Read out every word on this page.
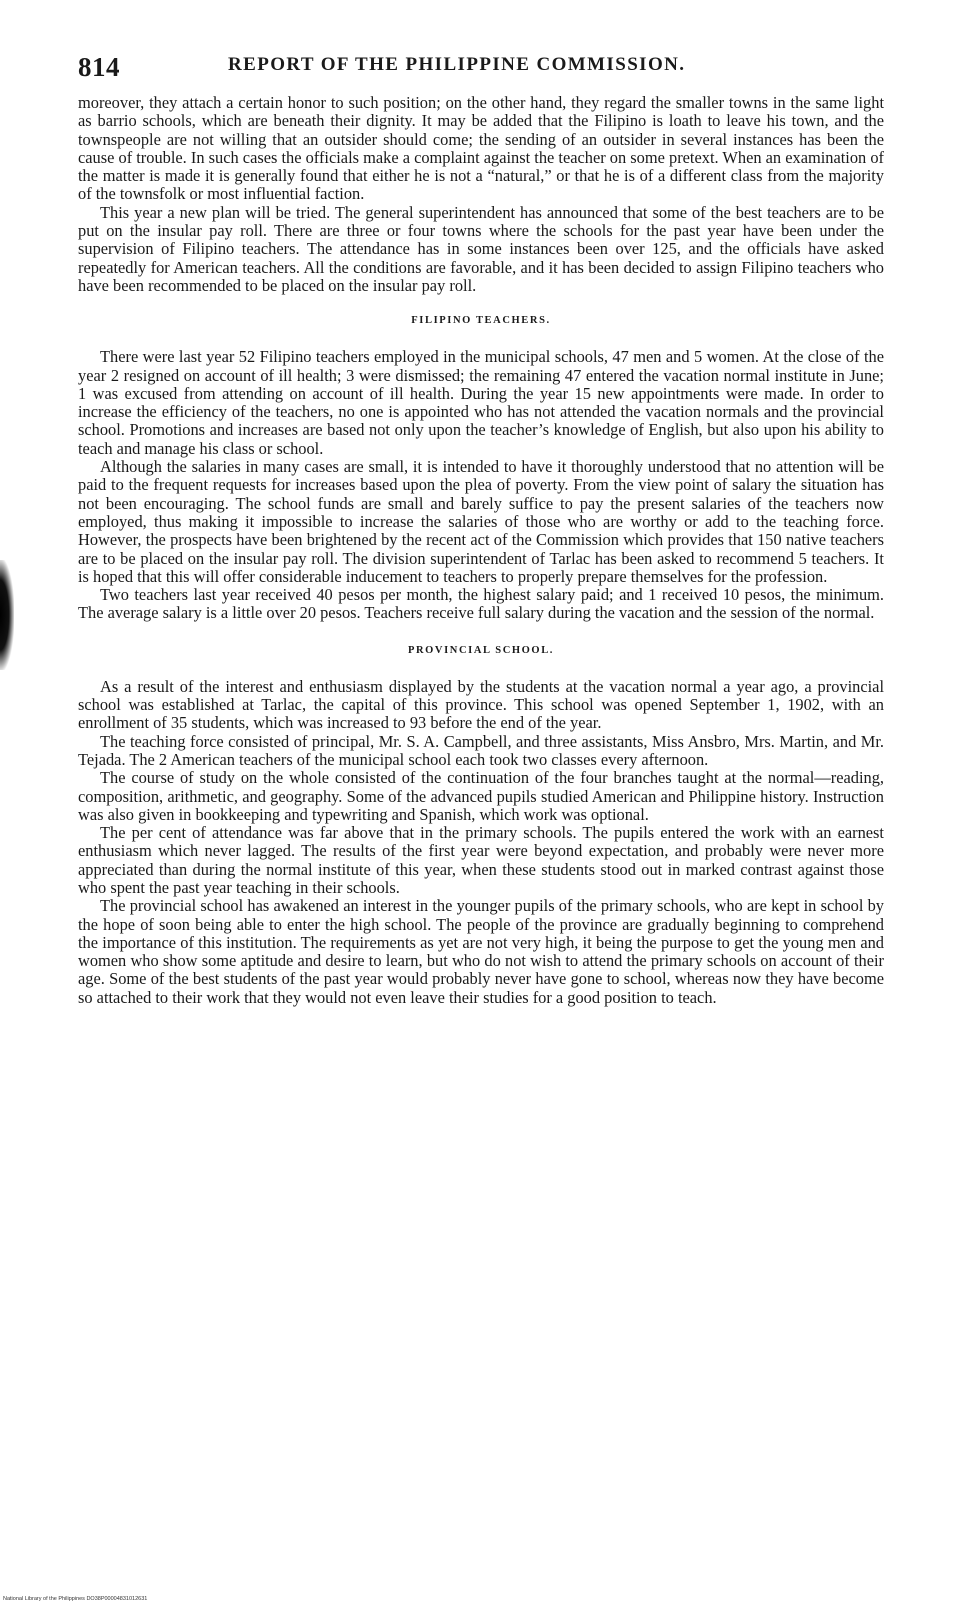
814	REPORT OF THE PHILIPPINE COMMISSION.

moreover, they attach a certain honor to such position; on the other hand, they regard the smaller towns in the same light as barrio schools, which are beneath their dignity. It may be added that the Filipino is loath to leave his town, and the townspeople are not willing that an outsider should come; the sending of an outsider in several instances has been the cause of trouble. In such cases the officials make a complaint against the teacher on some pretext. When an examination of the matter is made it is generally found that either he is not a “natural,” or that he is of a different class from the majority of the townsfolk or most influential faction.

This year a new plan will be tried. The general superintendent has announced that some of the best teachers are to be put on the insular pay roll. There are three or four towns where the schools for the past year have been under the supervision of Filipino teachers. The attendance has in some instances been over 125, and the officials have asked repeatedly for American teachers. All the conditions are favorable, and it has been decided to assign Filipino teachers who have been recommended to be placed on the insular pay roll.

FILIPINO TEACHERS.

There were last year 52 Filipino teachers employed in the municipal schools, 47 men and 5 women. At the close of the year 2 resigned on account of ill health; 3 were dismissed; the remaining 47 entered the vacation normal institute in June; 1 was excused from attending on account of ill health. During the year 15 new appointments were made. In order to increase the efficiency of the teachers, no one is appointed who has not attended the vacation normals and the provincial school. Promotions and increases are based not only upon the teacher’s knowledge of English, but also upon his ability to teach and manage his class or school.

Although the salaries in many cases are small, it is intended to have it thoroughly understood that no attention will be paid to the frequent requests for increases based upon the plea of poverty. From the view point of salary the situation has not been encouraging. The school funds are small and barely suffice to pay the present salaries of the teachers now employed, thus making it impossible to increase the salaries of those who are worthy or add to the teaching force. However, the prospects have been brightened by the recent act of the Commission which provides that 150 native teachers are to be placed on the insular pay roll. The division superintendent of Tarlac has been asked to recommend 5 teachers. It is hoped that this will offer considerable inducement to teachers to properly prepare themselves for the profession.

Two teachers last year received 40 pesos per month, the highest salary paid; and 1 received 10 pesos, the minimum. The average salary is a little over 20 pesos. Teachers receive full salary during the vacation and the session of the normal.

PROVINCIAL SCHOOL.

As a result of the interest and enthusiasm displayed by the students at the vacation normal a year ago, a provincial school was established at Tarlac, the capital of this province. This school was opened September 1, 1902, with an enrollment of 35 students, which was increased to 93 before the end of the year.

The teaching force consisted of principal, Mr. S. A. Campbell, and three assistants, Miss Ansbro, Mrs. Martin, and Mr. Tejada. The 2 American teachers of the municipal school each took two classes every afternoon.

The course of study on the whole consisted of the continuation of the four branches taught at the normal—reading, composition, arithmetic, and geography. Some of the advanced pupils studied American and Philippine history. Instruction was also given in bookkeeping and typewriting and Spanish, which work was optional.

The per cent of attendance was far above that in the primary schools. The pupils entered the work with an earnest enthusiasm which never lagged. The results of the first year were beyond expectation, and probably were never more appreciated than during the normal institute of this year, when these students stood out in marked contrast against those who spent the past year teaching in their schools.

The provincial school has awakened an interest in the younger pupils of the primary schools, who are kept in school by the hope of soon being able to enter the high school. The people of the province are gradually beginning to comprehend the importance of this institution. The requirements as yet are not very high, it being the purpose to get the young men and women who show some aptitude and desire to learn, but who do not wish to attend the primary schools on account of their age. Some of the best students of the past year would probably never have gone to school, whereas now they have become so attached to their work that they would not even leave their studies for a good position to teach.

National Library of the Philippines DO38P00004831012631
